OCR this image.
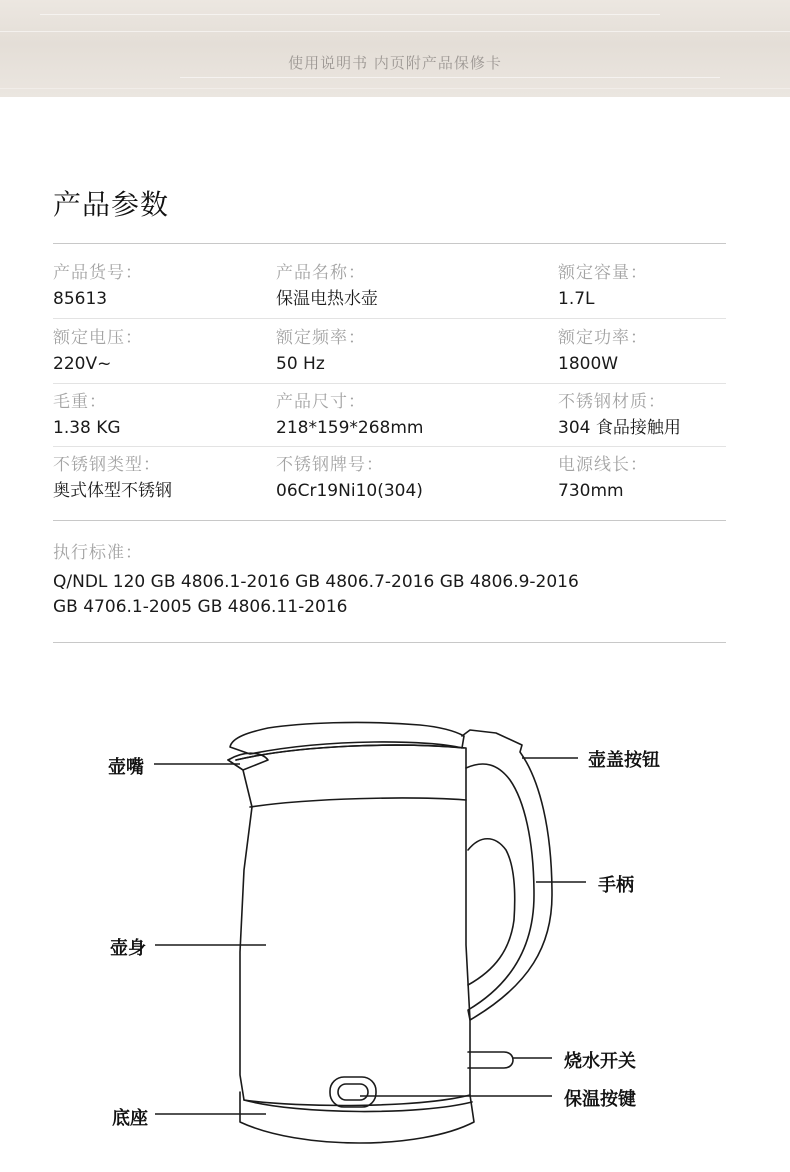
使用说明书 内页附产品保修卡
产品参数
产品货号：
85613
产品名称：
保温电热水壶
额定容量：
1.7L
额定电压：
220V~
额定频率：
50 Hz
额定功率：
1800W
毛重：
1.38 KG
产品尺寸：
218*159*268mm
不锈钢材质：
304 食品接触用
不锈钢类型：
奥式体型不锈钢
不锈钢牌号：
06Cr19Ni10(304)
电源线长：
730mm
执行标准：
Q/NDL 120 GB 4806.1-2016 GB 4806.7-2016 GB 4806.9-2016
GB 4706.1-2005 GB 4806.11-2016
壶嘴
壶身
底座
壶盖按钮
手柄
烧水开关
保温按键
